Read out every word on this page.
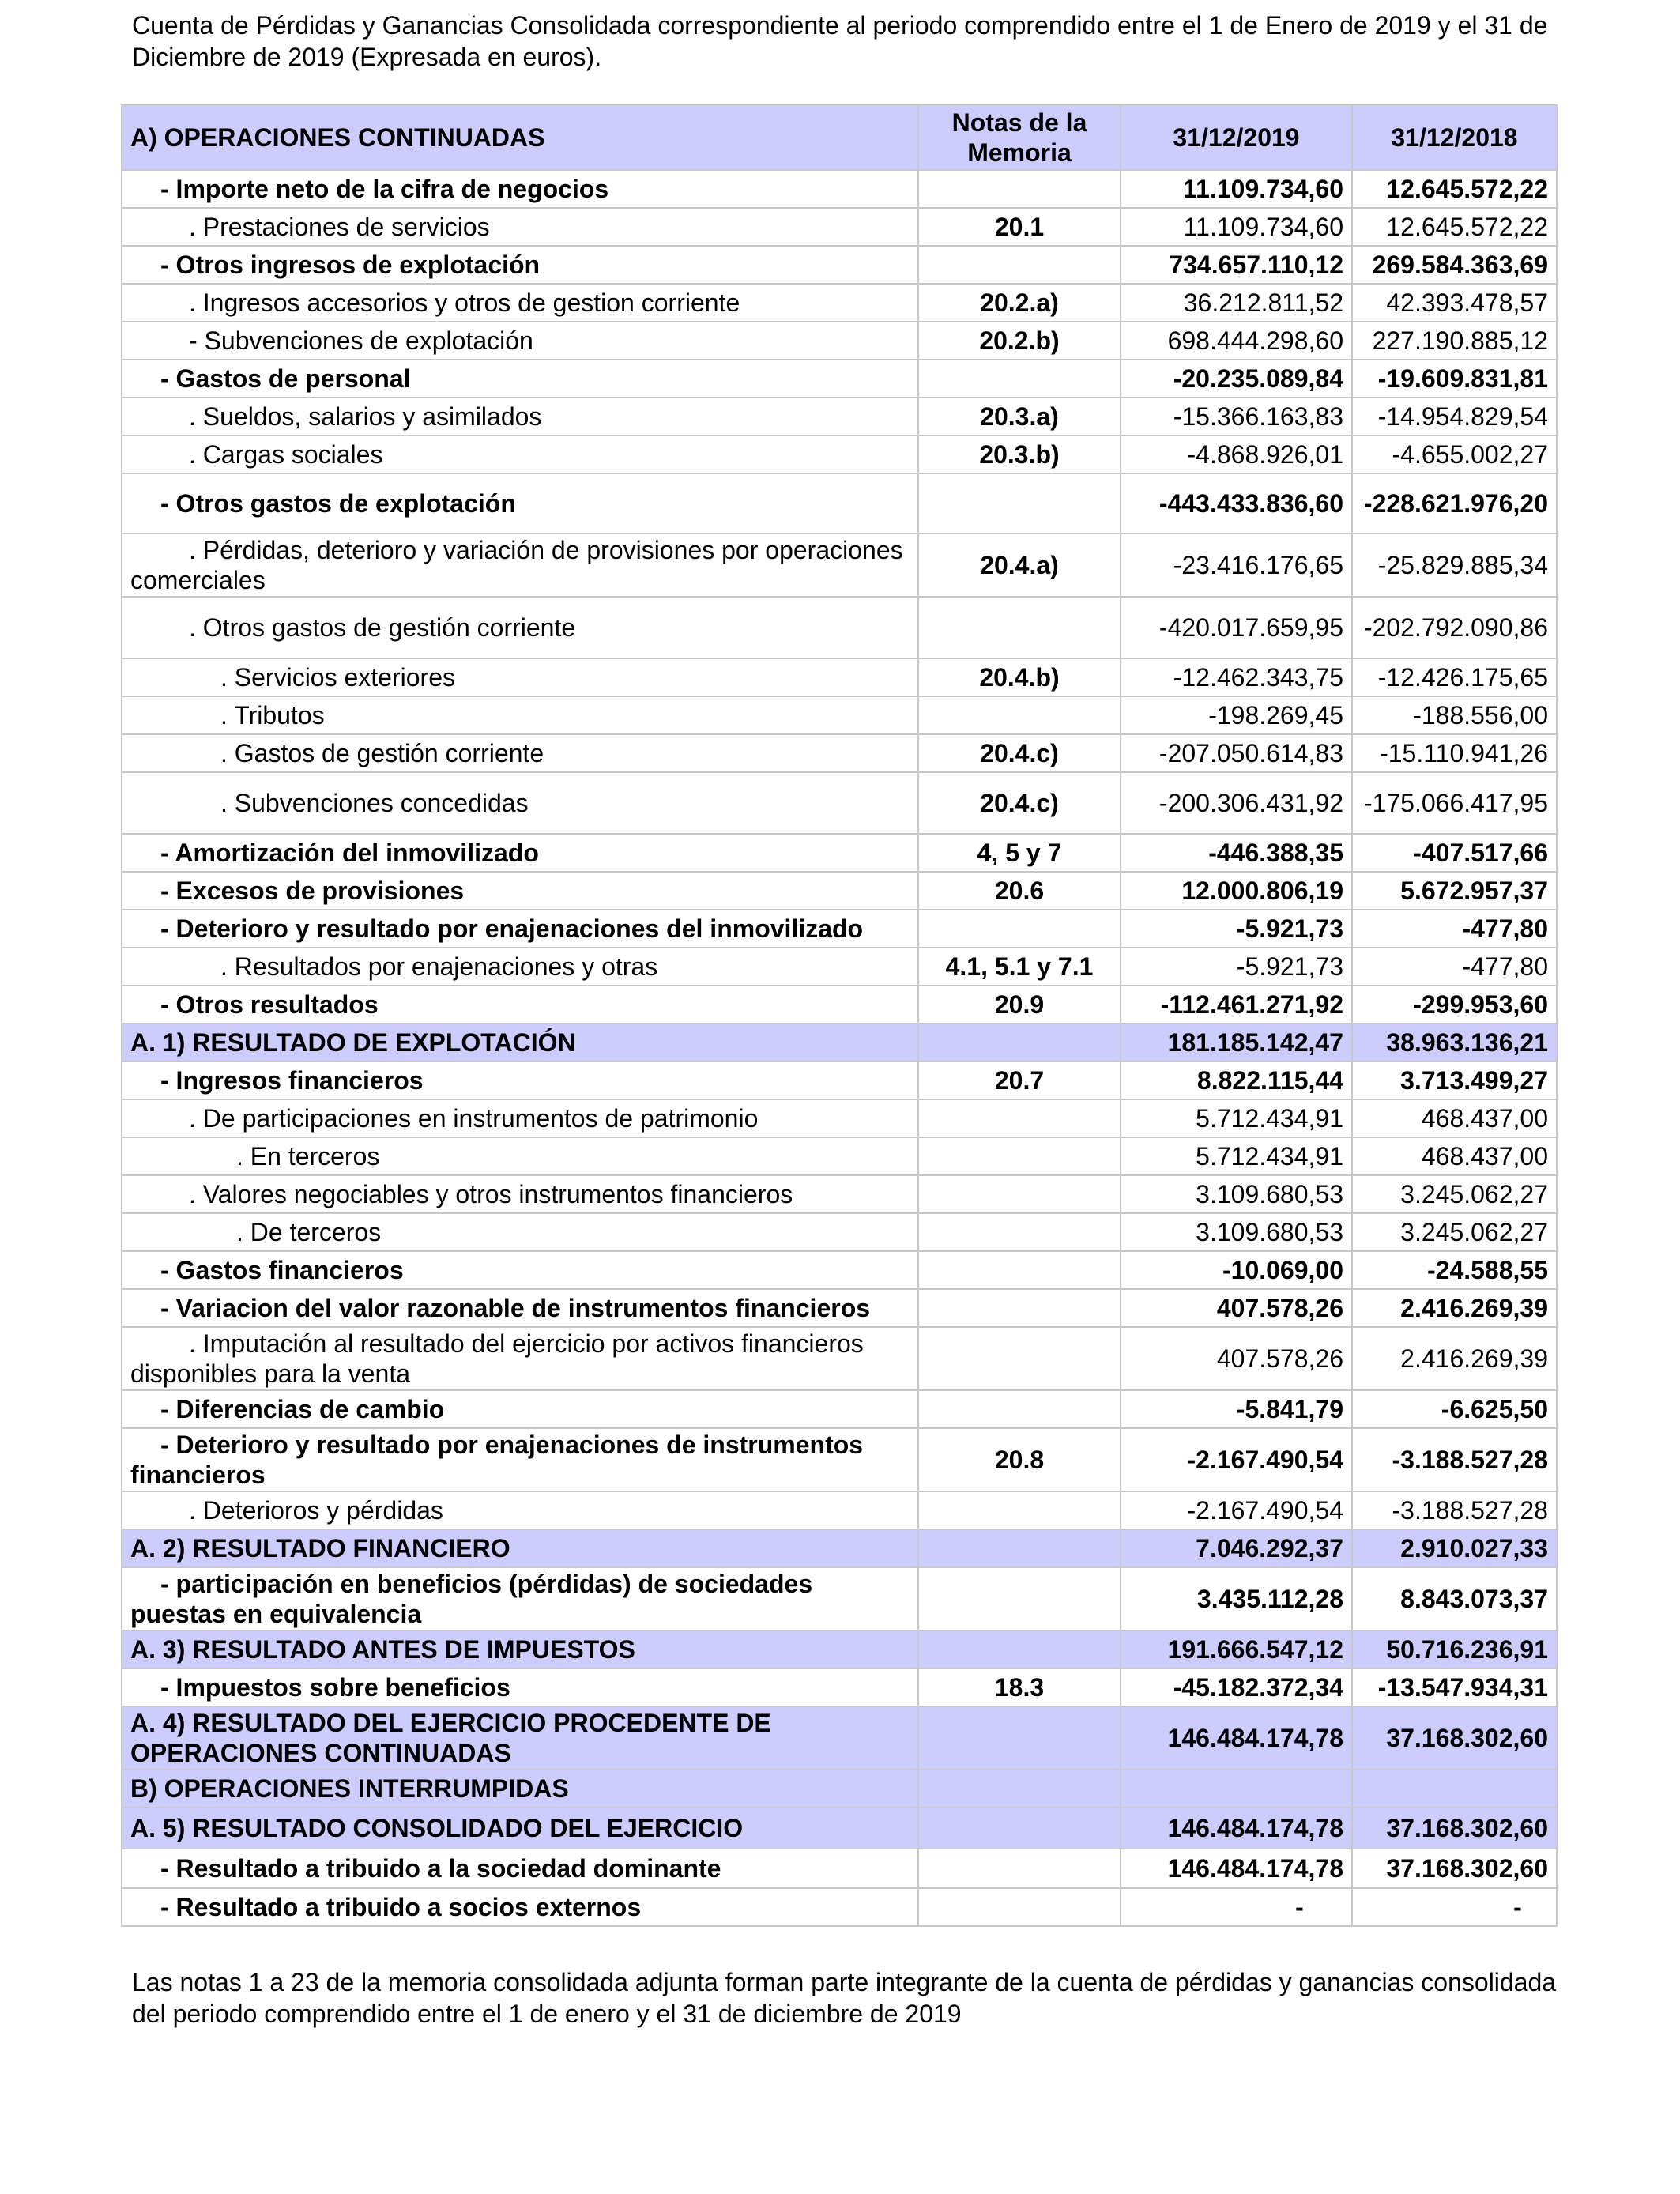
Cuenta de Pérdidas y Ganancias Consolidada correspondiente al periodo comprendido entre el 1 de Enero de 2019 y el 31 de Diciembre de 2019 (Expresada en euros).

A) OPERACIONES CONTINUADAS	Notas de la Memoria	31/12/2019	31/12/2018
- Importe neto de la cifra de negocios		11.109.734,60	12.645.572,22
. Prestaciones de servicios	20.1	11.109.734,60	12.645.572,22
- Otros ingresos de explotación		734.657.110,12	269.584.363,69
. Ingresos accesorios y otros de gestion corriente	20.2.a)	36.212.811,52	42.393.478,57
- Subvenciones de explotación	20.2.b)	698.444.298,60	227.190.885,12
- Gastos de personal		-20.235.089,84	-19.609.831,81
. Sueldos, salarios y asimilados	20.3.a)	-15.366.163,83	-14.954.829,54
. Cargas sociales	20.3.b)	-4.868.926,01	-4.655.002,27
- Otros gastos de explotación		-443.433.836,60	-228.621.976,20
. Pérdidas, deterioro y variación de provisiones por operaciones comerciales	20.4.a)	-23.416.176,65	-25.829.885,34
. Otros gastos de gestión corriente		-420.017.659,95	-202.792.090,86
. Servicios exteriores	20.4.b)	-12.462.343,75	-12.426.175,65
. Tributos		-198.269,45	-188.556,00
. Gastos de gestión corriente	20.4.c)	-207.050.614,83	-15.110.941,26
. Subvenciones concedidas	20.4.c)	-200.306.431,92	-175.066.417,95
- Amortización del inmovilizado	4, 5 y 7	-446.388,35	-407.517,66
- Excesos de provisiones	20.6	12.000.806,19	5.672.957,37
- Deterioro y resultado por enajenaciones del inmovilizado		-5.921,73	-477,80
. Resultados por enajenaciones y otras	4.1, 5.1 y 7.1	-5.921,73	-477,80
- Otros resultados	20.9	-112.461.271,92	-299.953,60
A. 1) RESULTADO DE EXPLOTACIÓN		181.185.142,47	38.963.136,21
- Ingresos financieros	20.7	8.822.115,44	3.713.499,27
. De participaciones en instrumentos de patrimonio		5.712.434,91	468.437,00
. En terceros		5.712.434,91	468.437,00
. Valores negociables y otros instrumentos financieros		3.109.680,53	3.245.062,27
. De terceros		3.109.680,53	3.245.062,27
- Gastos financieros		-10.069,00	-24.588,55
- Variacion del valor razonable de instrumentos financieros		407.578,26	2.416.269,39
. Imputación al resultado del ejercicio por activos financieros disponibles para la venta		407.578,26	2.416.269,39
- Diferencias de cambio		-5.841,79	-6.625,50
- Deterioro y resultado por enajenaciones de instrumentos financieros	20.8	-2.167.490,54	-3.188.527,28
. Deterioros y pérdidas		-2.167.490,54	-3.188.527,28
A. 2) RESULTADO FINANCIERO		7.046.292,37	2.910.027,33
- participación en beneficios (pérdidas) de sociedades puestas en equivalencia		3.435.112,28	8.843.073,37
A. 3) RESULTADO ANTES DE IMPUESTOS		191.666.547,12	50.716.236,91
- Impuestos sobre beneficios	18.3	-45.182.372,34	-13.547.934,31
A. 4) RESULTADO DEL EJERCICIO PROCEDENTE DE OPERACIONES CONTINUADAS		146.484.174,78	37.168.302,60
B) OPERACIONES INTERRUMPIDAS			
A. 5) RESULTADO CONSOLIDADO DEL EJERCICIO		146.484.174,78	37.168.302,60
- Resultado a tribuido a la sociedad dominante		146.484.174,78	37.168.302,60
- Resultado a tribuido a socios externos		-	-

Las notas 1 a 23 de la memoria consolidada adjunta forman parte integrante de la cuenta de pérdidas y ganancias consolidada del periodo comprendido entre el 1 de enero y el 31 de diciembre de 2019
